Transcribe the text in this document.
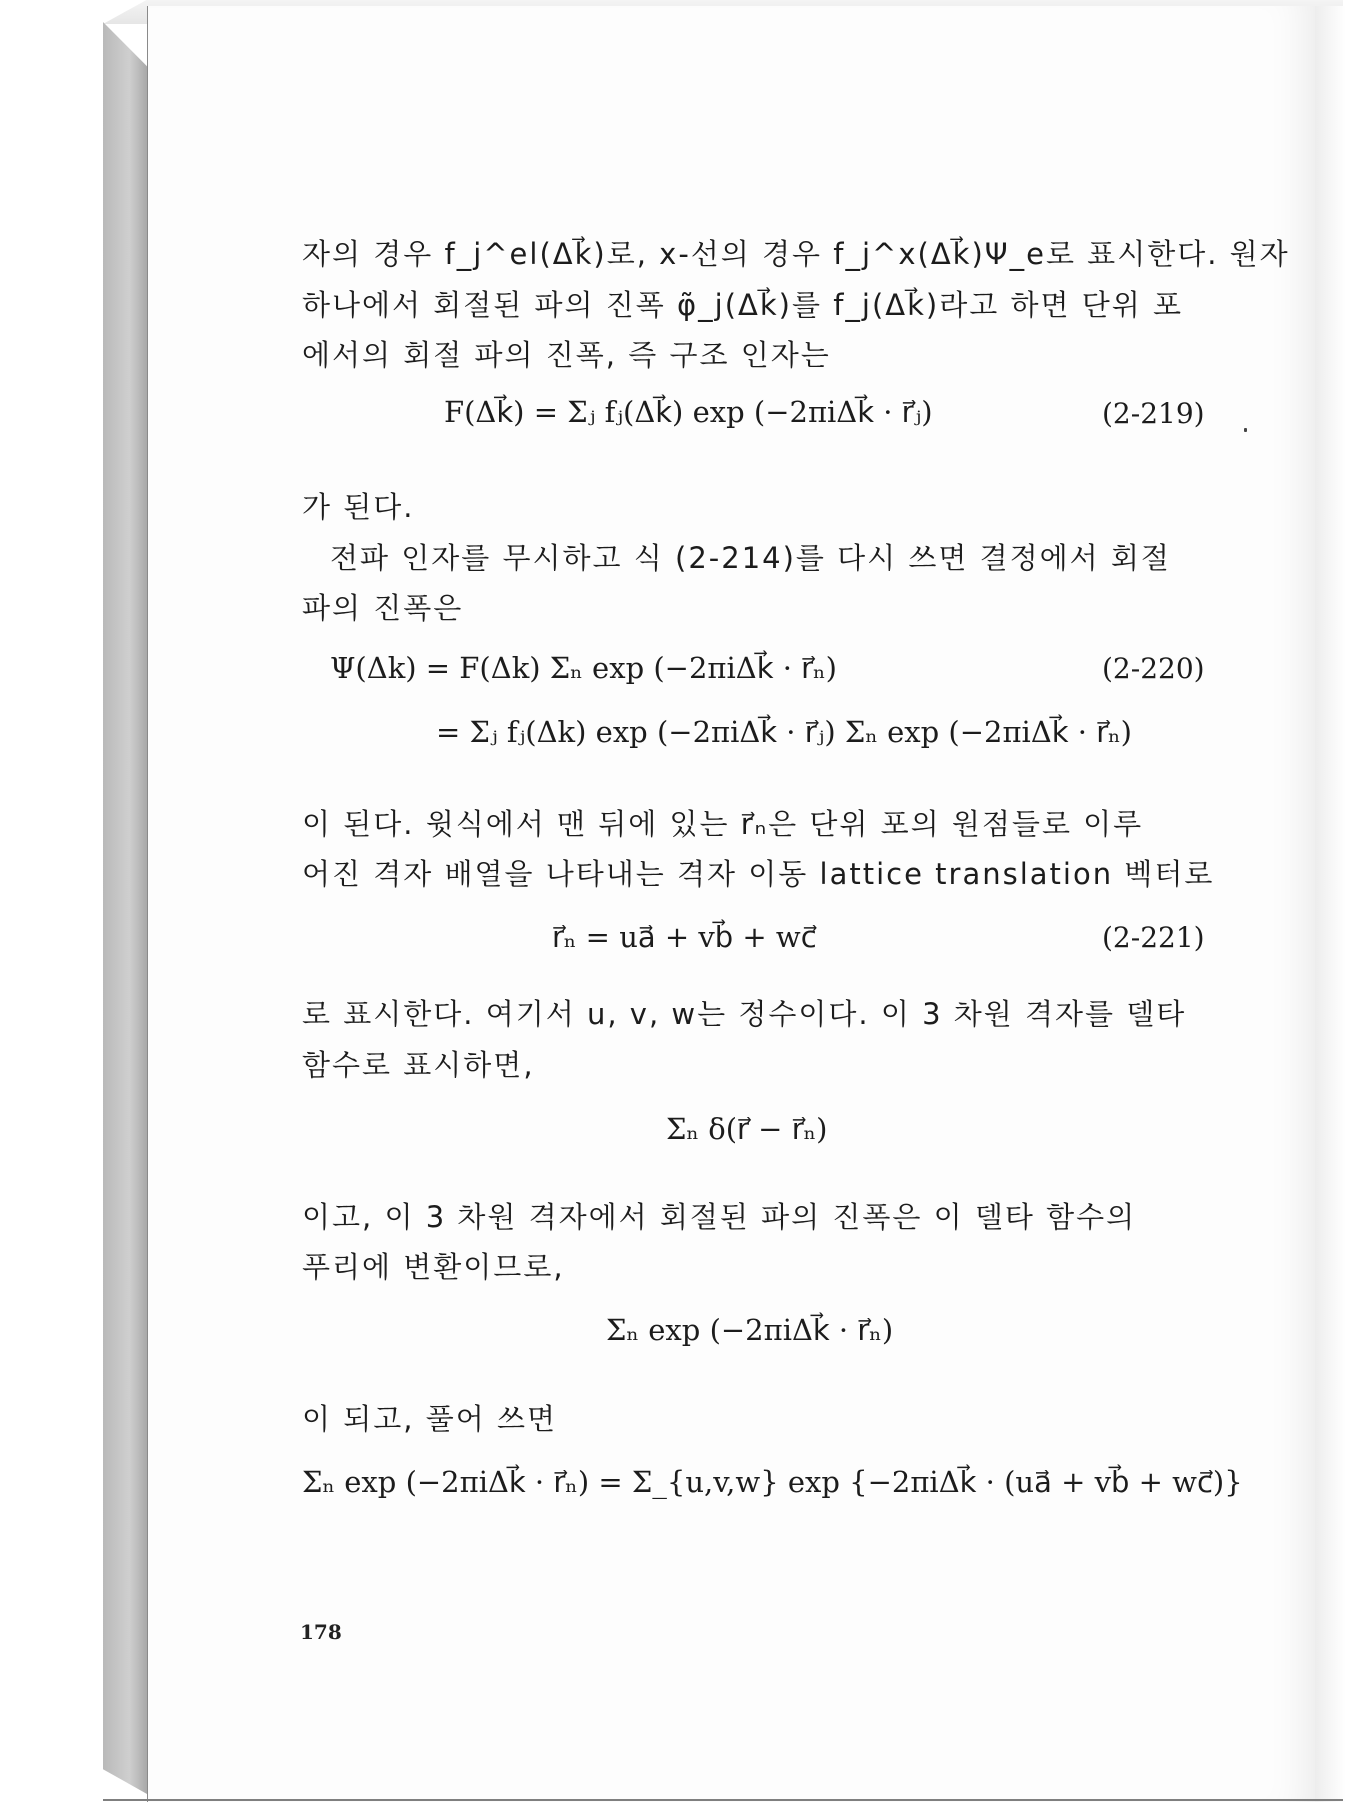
자의 경우 f_j^el(Δk⃗)로, x-선의 경우 f_j^x(Δk⃗)Ψ_e로 표시한다. 원자
하나에서 회절된 파의 진폭 φ̃_j(Δk⃗)를 f_j(Δk⃗)라고 하면 단위 포
에서의 회절 파의 진폭, 즉 구조 인자는
F(Δk⃗) = Σⱼ fⱼ(Δk⃗) exp (−2πiΔk⃗ · r⃗ⱼ)	(2-219)
가 된다.
전파 인자를 무시하고 식 (2-214)를 다시 쓰면 결정에서 회절
파의 진폭은
Ψ(Δk) = F(Δk) Σₙ exp (−2πiΔk⃗ · r⃗ₙ)	(2-220)
= Σⱼ fⱼ(Δk) exp (−2πiΔk⃗ · r⃗ⱼ) Σₙ exp (−2πiΔk⃗ · r⃗ₙ)
이 된다. 윗식에서 맨 뒤에 있는 r⃗ₙ은 단위 포의 원점들로 이루
어진 격자 배열을 나타내는 격자 이동 lattice translation 벡터로
r⃗ₙ = ua⃗ + vb⃗ + wc⃗	(2-221)
로 표시한다. 여기서 u, v, w는 정수이다. 이 3 차원 격자를 델타
함수로 표시하면,
Σₙ δ(r⃗ − r⃗ₙ)
이고, 이 3 차원 격자에서 회절된 파의 진폭은 이 델타 함수의
푸리에 변환이므로,
Σₙ exp (−2πiΔk⃗ · r⃗ₙ)
이 되고, 풀어 쓰면
Σₙ exp (−2πiΔk⃗ · r⃗ₙ) = Σ_{u,v,w} exp {−2πiΔk⃗ · (ua⃗ + vb⃗ + wc⃗)}
178
